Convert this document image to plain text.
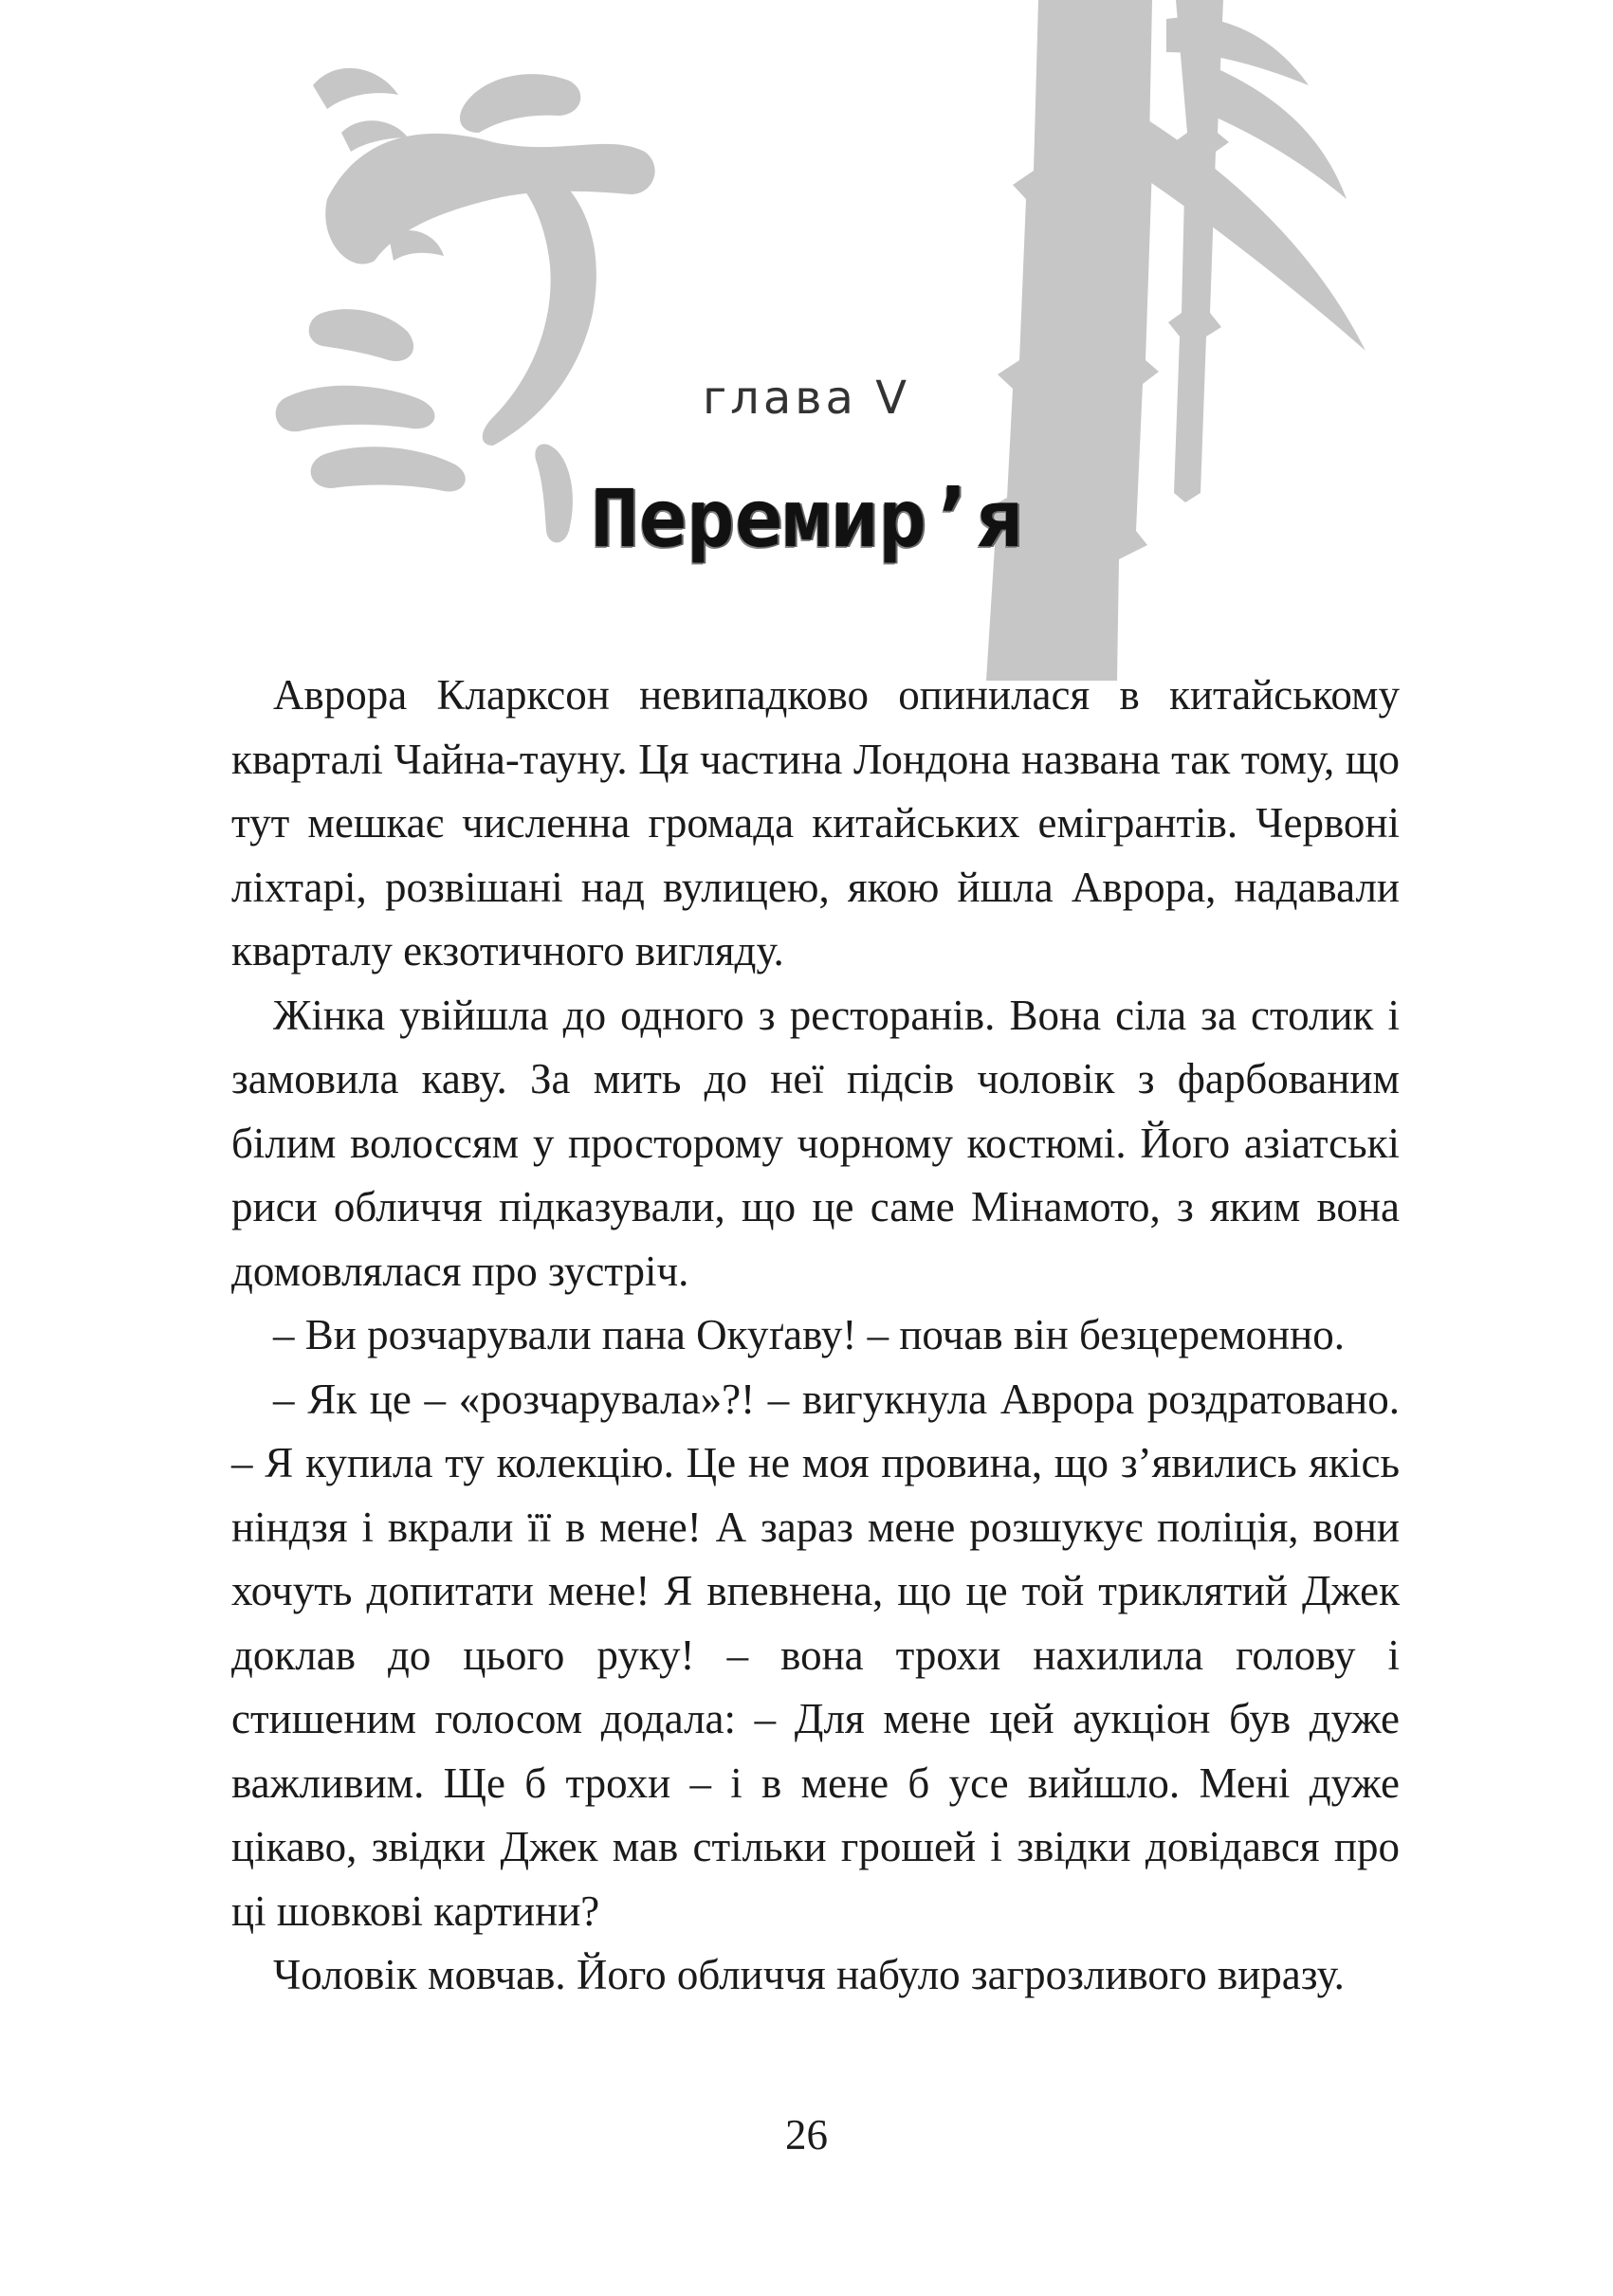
глава V
Перемир’я

Аврора Кларксон невипадково опинилася в китайському кварталі Чайна-тауну. Ця частина Лондона названа так тому, що тут мешкає численна громада китайських емігрантів. Червоні ліхтарі, розвішані над вулицею, якою йшла Аврора, надавали кварталу екзотичного вигляду.

Жінка увійшла до одного з ресторанів. Вона сіла за столик і замовила каву. За мить до неї підсів чоловік з фарбованим білим волоссям у просторому чорному костюмі. Його азіатські риси обличчя підказували, що це саме Мінамото, з яким вона домовлялася про зустріч.

– Ви розчарували пана Окуґаву! – почав він безцеремонно.

– Як це – «розчарувала»?! – вигукнула Аврора роздратовано. – Я купила ту колекцію. Це не моя провина, що з’явились якісь ніндзя і вкрали її в мене! А зараз мене розшукує поліція, вони хочуть допитати мене! Я впевнена, що це той триклятий Джек доклав до цього руку! – вона трохи нахилила голову і стишеним голосом додала: – Для мене цей аукціон був дуже важливим. Ще б трохи – і в мене б усе вийшло. Мені дуже цікаво, звідки Джек мав стільки грошей і звідки довідався про ці шовкові картини?

Чоловік мовчав. Його обличчя набуло загрозливого виразу.

26
